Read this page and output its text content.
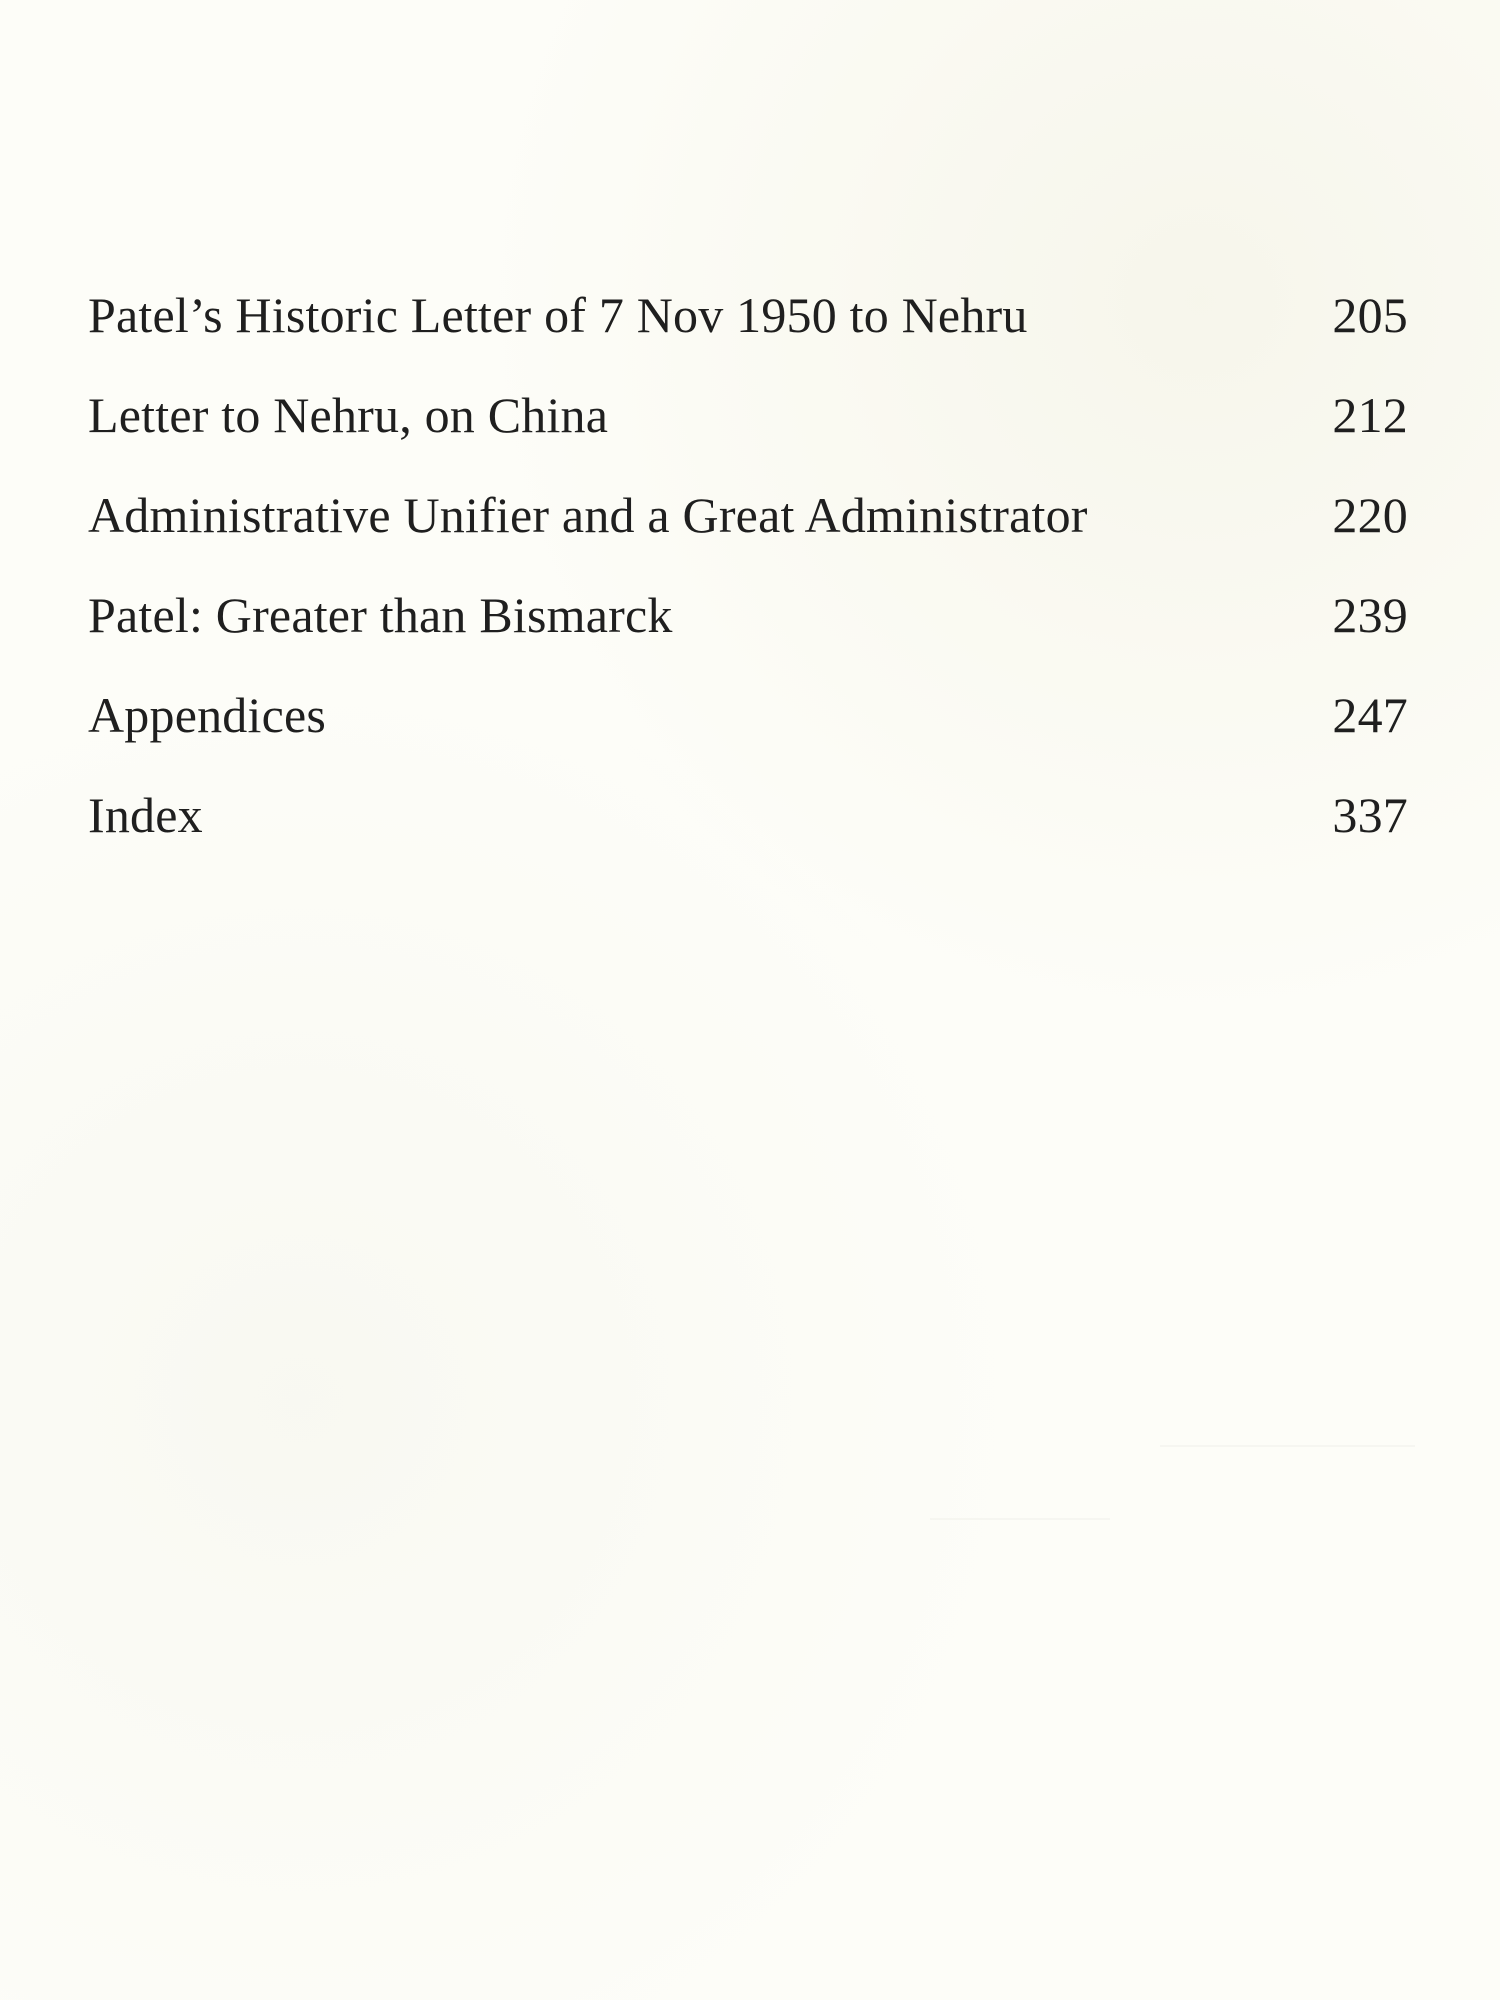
Patel’s Historic Letter of 7 Nov 1950 to Nehru	205
Letter to Nehru, on China	212
Administrative Unifier and a Great Administrator	220
Patel: Greater than Bismarck	239
Appendices	247
Index	337
